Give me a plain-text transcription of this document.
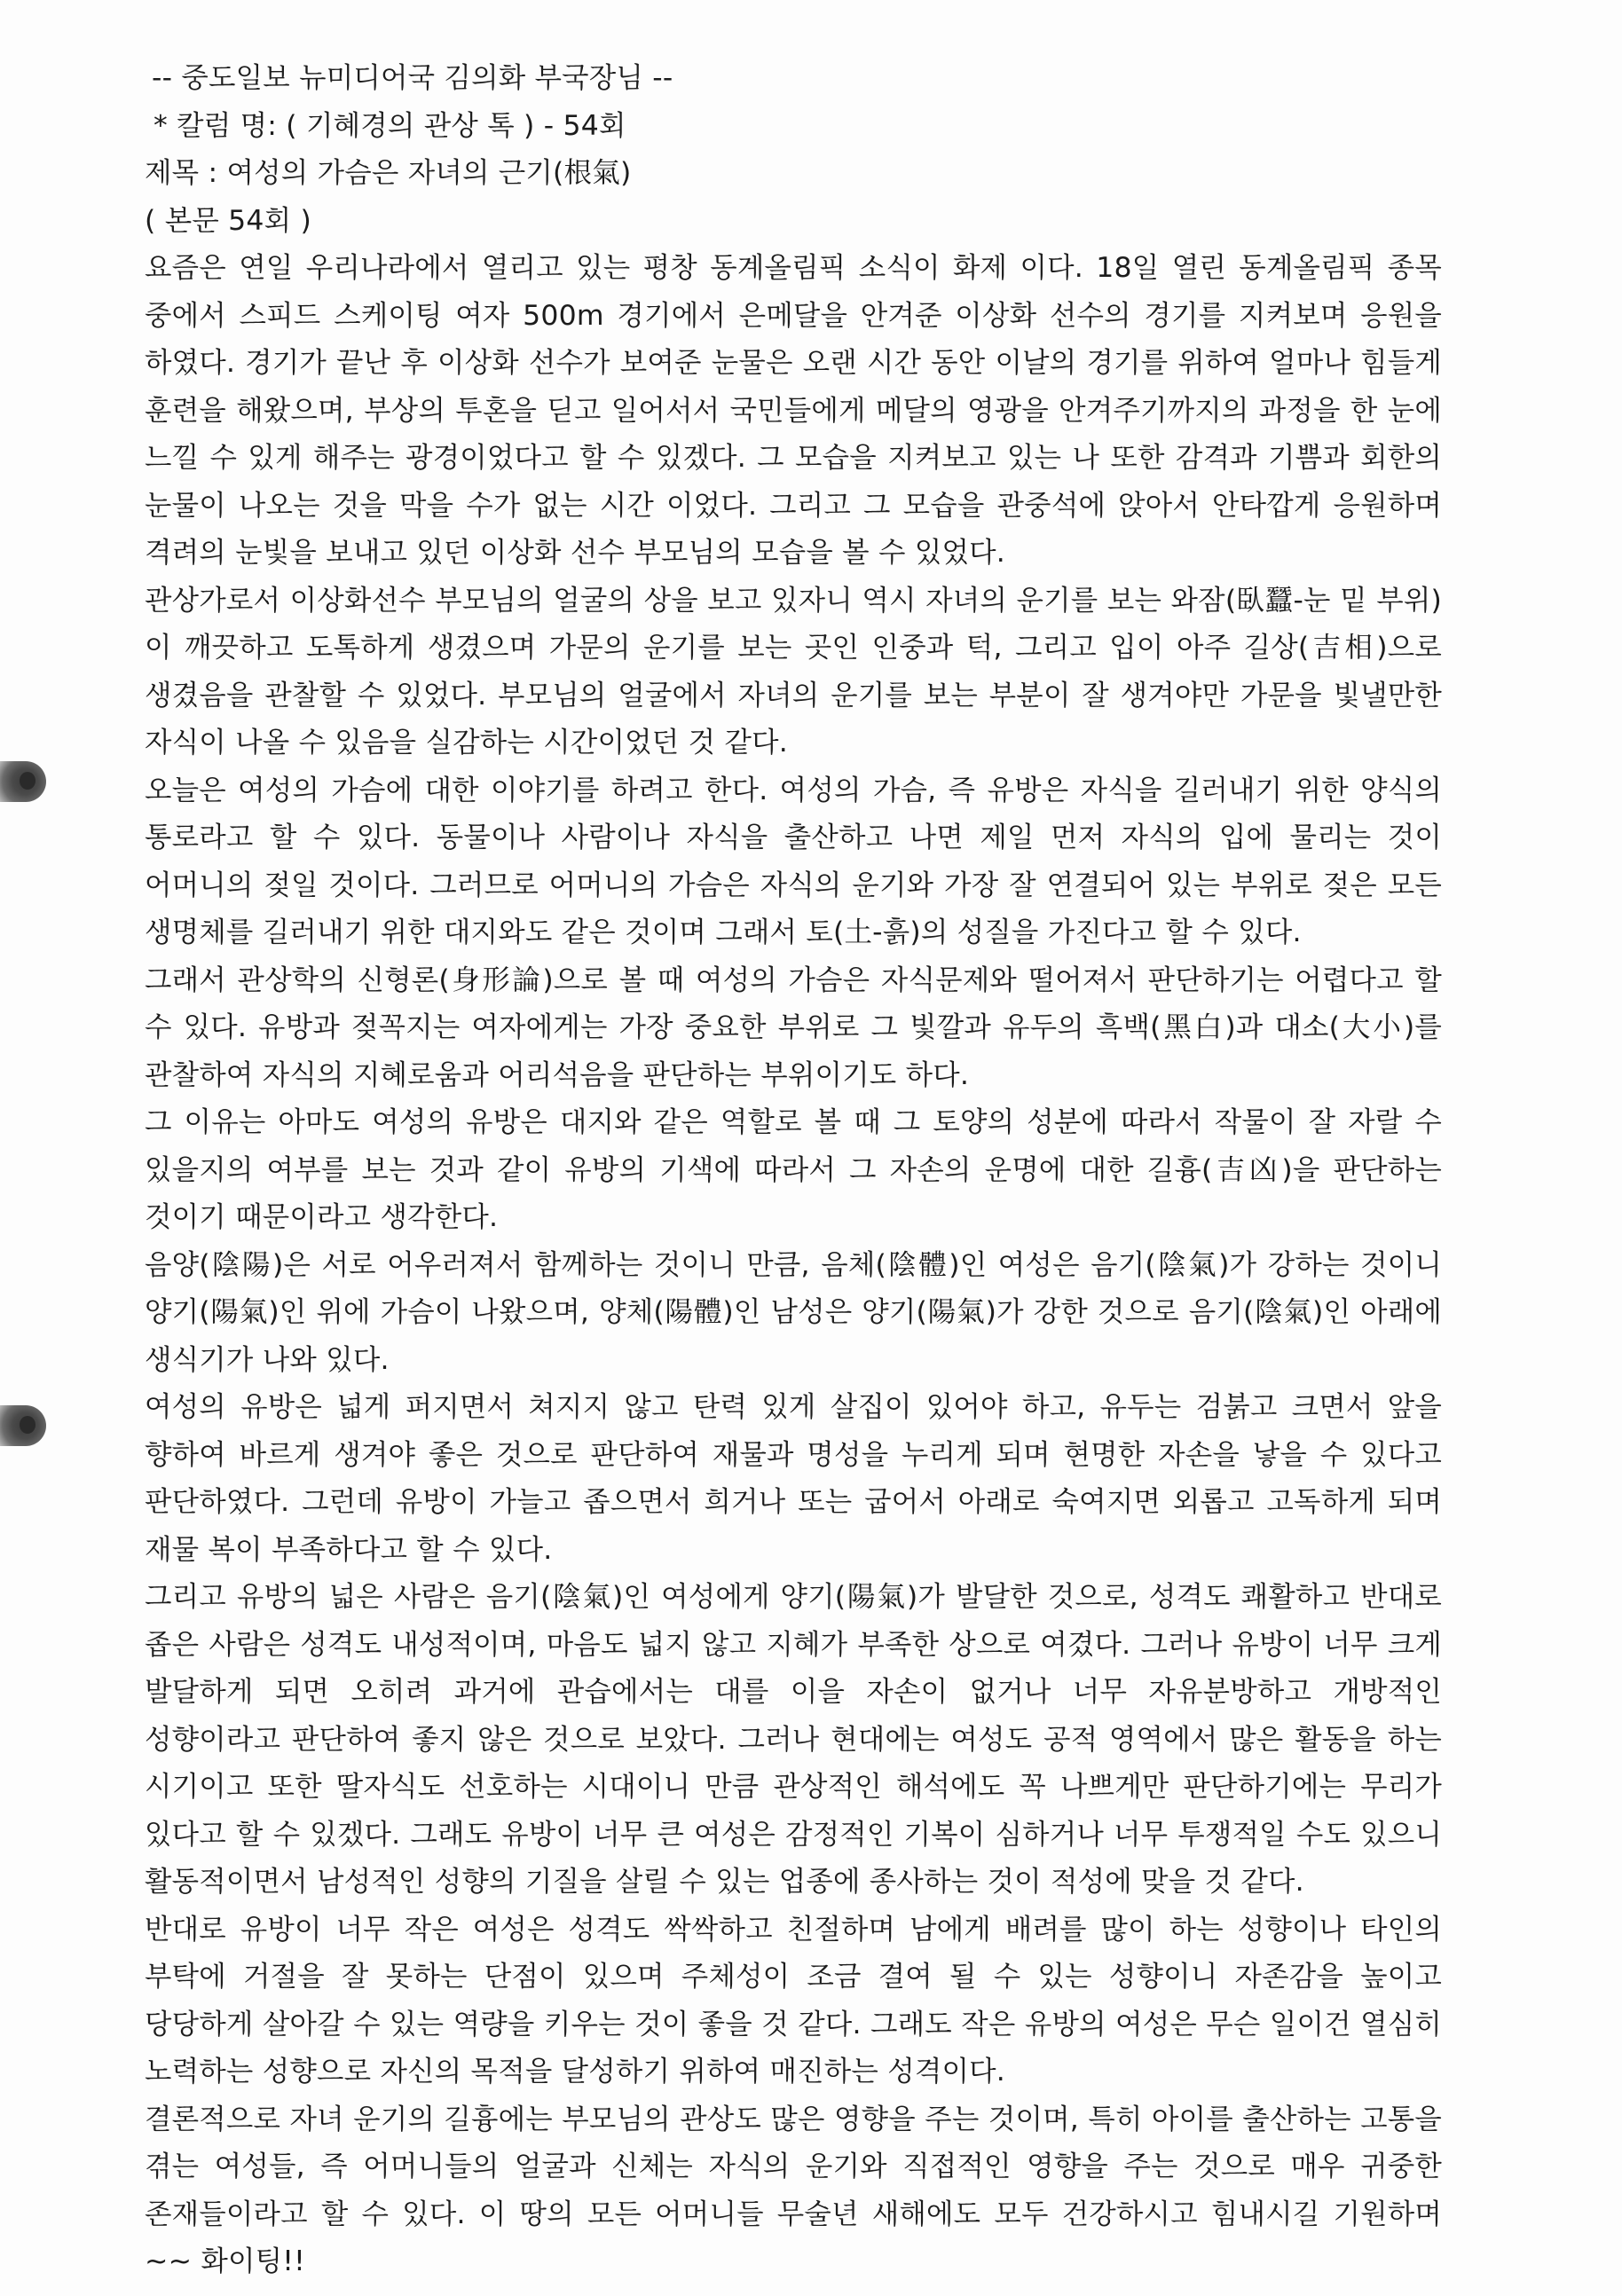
-- 중도일보 뉴미디어국 김의화 부국장님 --

* 칼럼 명: ( 기혜경의 관상 톡 ) - 54회

제목 : 여성의 가슴은 자녀의 근기(根氣)

( 본문 54회 )

요즘은 연일 우리나라에서 열리고 있는 평창 동계올림픽 소식이 화제 이다. 18일 열린 동계올림픽 종목 중에서 스피드 스케이팅 여자 500m 경기에서 은메달을 안겨준 이상화 선수의 경기를 지켜보며 응원을 하였다. 경기가 끝난 후 이상화 선수가 보여준 눈물은 오랜 시간 동안 이날의 경기를 위하여 얼마나 힘들게 훈련을 해왔으며, 부상의 투혼을 딛고 일어서서 국민들에게 메달의 영광을 안겨주기까지의 과정을 한 눈에 느낄 수 있게 해주는 광경이었다고 할 수 있겠다. 그 모습을 지켜보고 있는 나 또한 감격과 기쁨과 회한의 눈물이 나오는 것을 막을 수가 없는 시간 이었다. 그리고 그 모습을 관중석에 앉아서 안타깝게 응원하며 격려의 눈빛을 보내고 있던 이상화 선수 부모님의 모습을 볼 수 있었다.

관상가로서 이상화선수 부모님의 얼굴의 상을 보고 있자니 역시 자녀의 운기를 보는 와잠(臥蠶-눈 밑 부위)이 깨끗하고 도톡하게 생겼으며 가문의 운기를 보는 곳인 인중과 턱, 그리고 입이 아주 길상(吉相)으로 생겼음을 관찰할 수 있었다. 부모님의 얼굴에서 자녀의 운기를 보는 부분이 잘 생겨야만 가문을 빛낼만한 자식이 나올 수 있음을 실감하는 시간이었던 것 같다.

오늘은 여성의 가슴에 대한 이야기를 하려고 한다. 여성의 가슴, 즉 유방은 자식을 길러내기 위한 양식의 통로라고 할 수 있다. 동물이나 사람이나 자식을 출산하고 나면 제일 먼저 자식의 입에 물리는 것이 어머니의 젖일 것이다. 그러므로 어머니의 가슴은 자식의 운기와 가장 잘 연결되어 있는 부위로 젖은 모든 생명체를 길러내기 위한 대지와도 같은 것이며 그래서 토(土-흙)의 성질을 가진다고 할 수 있다.

그래서 관상학의 신형론(身形論)으로 볼 때 여성의 가슴은 자식문제와 떨어져서 판단하기는 어렵다고 할 수 있다. 유방과 젖꼭지는 여자에게는 가장 중요한 부위로 그 빛깔과 유두의 흑백(黑白)과 대소(大小)를 관찰하여 자식의 지혜로움과 어리석음을 판단하는 부위이기도 하다.

그 이유는 아마도 여성의 유방은 대지와 같은 역할로 볼 때 그 토양의 성분에 따라서 작물이 잘 자랄 수 있을지의 여부를 보는 것과 같이 유방의 기색에 따라서 그 자손의 운명에 대한 길흉(吉凶)을 판단하는 것이기 때문이라고 생각한다.

음양(陰陽)은 서로 어우러져서 함께하는 것이니 만큼, 음체(陰體)인 여성은 음기(陰氣)가 강하는 것이니 양기(陽氣)인 위에 가슴이 나왔으며, 양체(陽體)인 남성은 양기(陽氣)가 강한 것으로 음기(陰氣)인 아래에 생식기가 나와 있다.

여성의 유방은 넓게 퍼지면서 쳐지지 않고 탄력 있게 살집이 있어야 하고, 유두는 검붉고 크면서 앞을 향하여 바르게 생겨야 좋은 것으로 판단하여 재물과 명성을 누리게 되며 현명한 자손을 낳을 수 있다고 판단하였다. 그런데 유방이 가늘고 좁으면서 희거나 또는 굽어서 아래로 숙여지면 외롭고 고독하게 되며 재물 복이 부족하다고 할 수 있다.

그리고 유방의 넓은 사람은 음기(陰氣)인 여성에게 양기(陽氣)가 발달한 것으로, 성격도 쾌활하고 반대로 좁은 사람은 성격도 내성적이며, 마음도 넓지 않고 지혜가 부족한 상으로 여겼다. 그러나 유방이 너무 크게 발달하게 되면 오히려 과거에 관습에서는 대를 이을 자손이 없거나 너무 자유분방하고 개방적인 성향이라고 판단하여 좋지 않은 것으로 보았다. 그러나 현대에는 여성도 공적 영역에서 많은 활동을 하는 시기이고 또한 딸자식도 선호하는 시대이니 만큼 관상적인 해석에도 꼭 나쁘게만 판단하기에는 무리가 있다고 할 수 있겠다. 그래도 유방이 너무 큰 여성은 감정적인 기복이 심하거나 너무 투쟁적일 수도 있으니 활동적이면서 남성적인 성향의 기질을 살릴 수 있는 업종에 종사하는 것이 적성에 맞을 것 같다.

반대로 유방이 너무 작은 여성은 성격도 싹싹하고 친절하며 남에게 배려를 많이 하는 성향이나 타인의 부탁에 거절을 잘 못하는 단점이 있으며 주체성이 조금 결여 될 수 있는 성향이니 자존감을 높이고 당당하게 살아갈 수 있는 역량을 키우는 것이 좋을 것 같다. 그래도 작은 유방의 여성은 무슨 일이건 열심히 노력하는 성향으로 자신의 목적을 달성하기 위하여 매진하는 성격이다.

결론적으로 자녀 운기의 길흉에는 부모님의 관상도 많은 영향을 주는 것이며, 특히 아이를 출산하는 고통을 겪는 여성들, 즉 어머니들의 얼굴과 신체는 자식의 운기와 직접적인 영향을 주는 것으로 매우 귀중한 존재들이라고 할 수 있다. 이 땅의 모든 어머니들 무술년 새해에도 모두 건강하시고 힘내시길 기원하며 ~~ 화이팅!!
